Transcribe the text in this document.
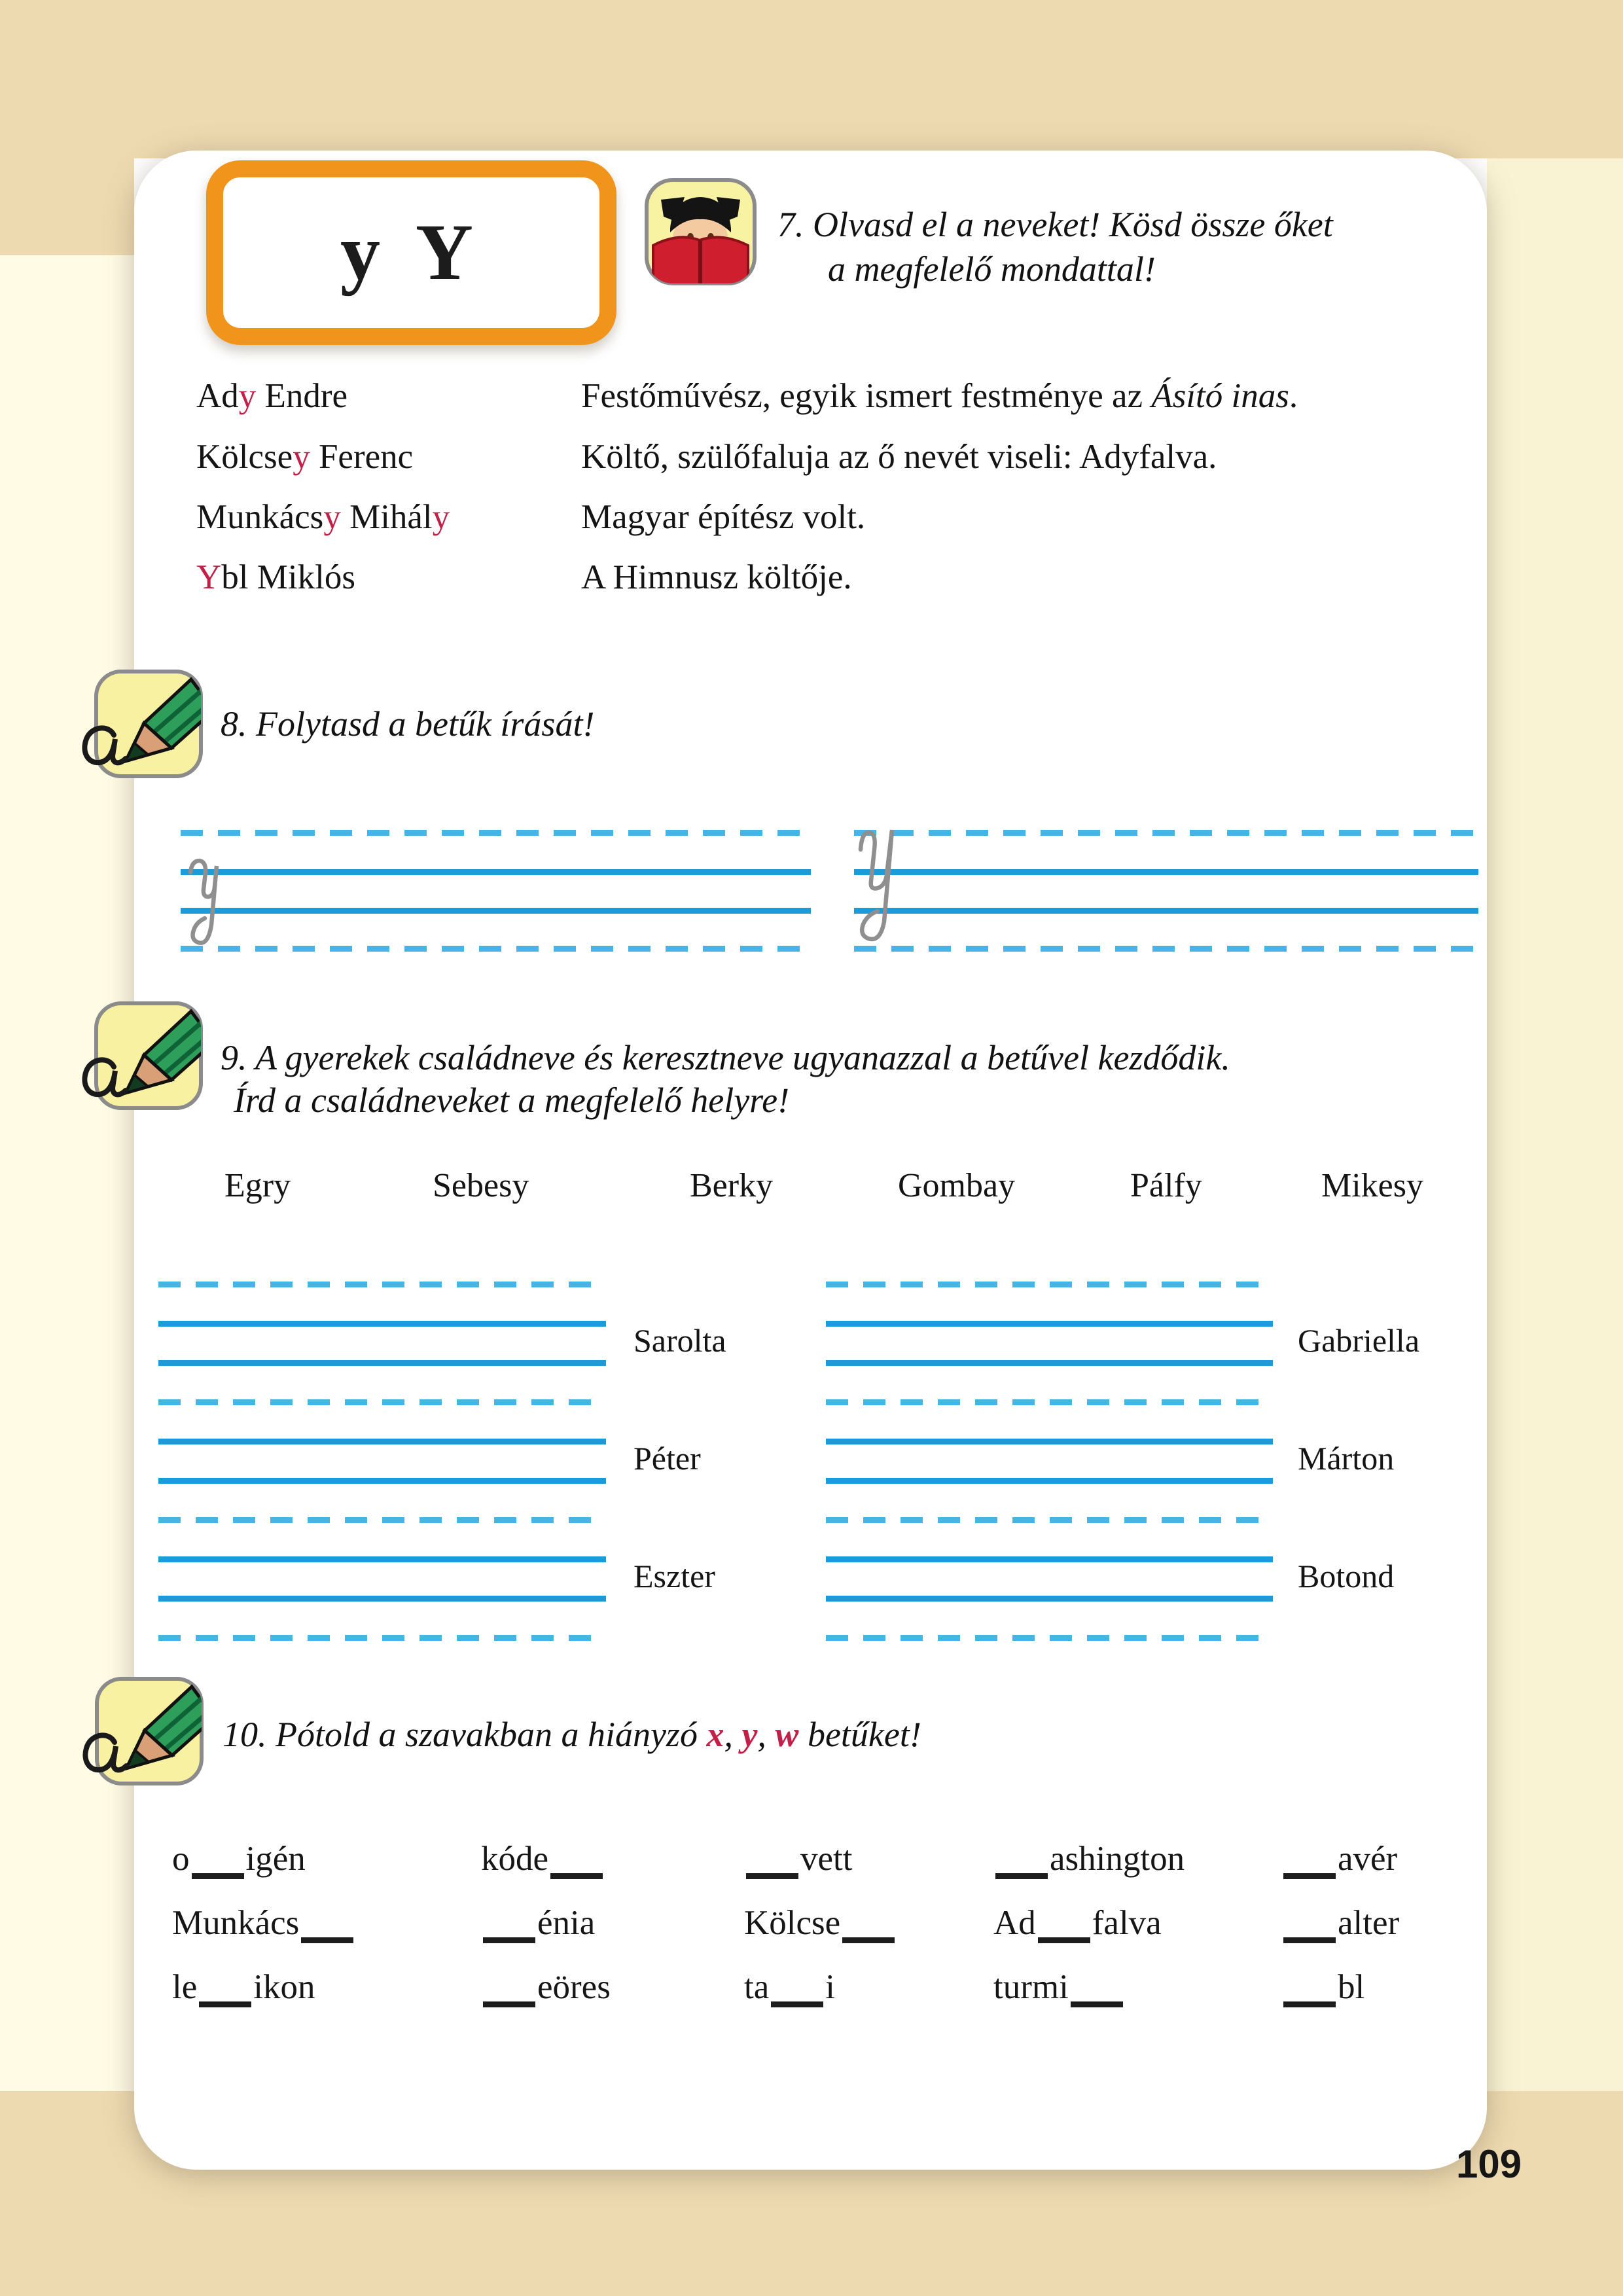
y Y	7. Olvasd el a neveket! Kösd össze őket
a megfelelő mondattal!
Ady Endre	Festőművész, egyik ismert festménye az Ásító inas.
Kölcsey Ferenc	Költő, szülőfaluja az ő nevét viseli: Adyfalva.
Munkácsy Mihály	Magyar építész volt.
Ybl Miklós	A Himnusz költője.
8. Folytasd a betűk írását!
9. A gyerekek családneve és keresztneve ugyanazzal a betűvel kezdődik.
Írd a családneveket a megfelelő helyre!
Egry	Sebesy	Berky	Gombay	Pálfy	Mikesy
Sarolta
Péter
Eszter
Gabriella
Márton
Botond
10. Pótold a szavakban a hiányzó x, y, w betűket!
o igén	kóde	vett	ashington	avér
Munkács	énia	Kölcse	Ad falva	alter
le ikon	eöres	ta i	turmi	bl
109
